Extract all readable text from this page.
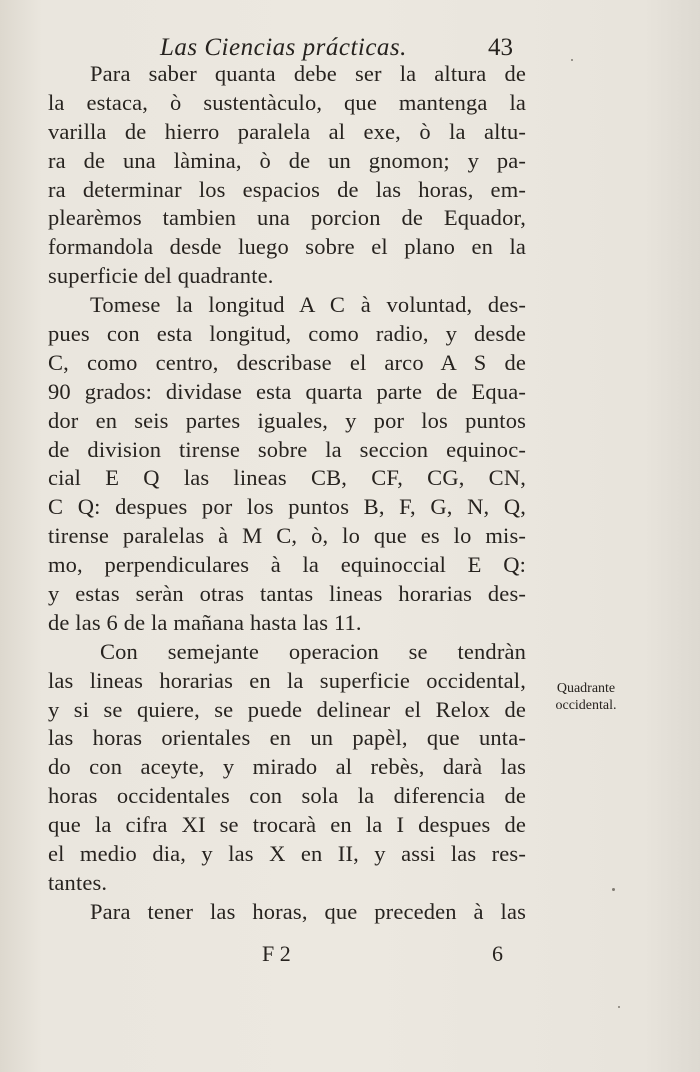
Las Ciencias prácticas.	43
Para saber quanta debe ser la altura de
la estaca, ò sustentàculo, que mantenga la
varilla de hierro paralela al exe, ò la altu-
ra de una làmina, ò de un gnomon; y pa-
ra determinar los espacios de las horas, em-
plearèmos tambien una porcion de Equador,
formandola desde luego sobre el plano en la
superficie del quadrante.
Tomese la longitud A C à voluntad, des-
pues con esta longitud, como radio, y desde
C, como centro, describase el arco A S de
90 grados: dividase esta quarta parte de Equa-
dor en seis partes iguales, y por los puntos
de division tirense sobre la seccion equinoc-
cial E Q las lineas CB, CF, CG, CN,
C Q: despues por los puntos B, F, G, N, Q,
tirense paralelas à M C, ò, lo que es lo mis-
mo, perpendiculares à la equinoccial E Q:
y estas seràn otras tantas lineas horarias des-
de las 6 de la mañana hasta las 11.
Con semejante operacion se tendràn
las lineas horarias en la superficie occidental,
y si se quiere, se puede delinear el Relox de
las horas orientales en un papèl, que unta-
do con aceyte, y mirado al rebès, darà las
horas occidentales con sola la diferencia de
que la cifra XI se trocarà en la I despues de
el medio dia, y las X en II, y assi las res-
tantes.
Para tener las horas, que preceden à las
Quadrante
occidental.
F 2	6
